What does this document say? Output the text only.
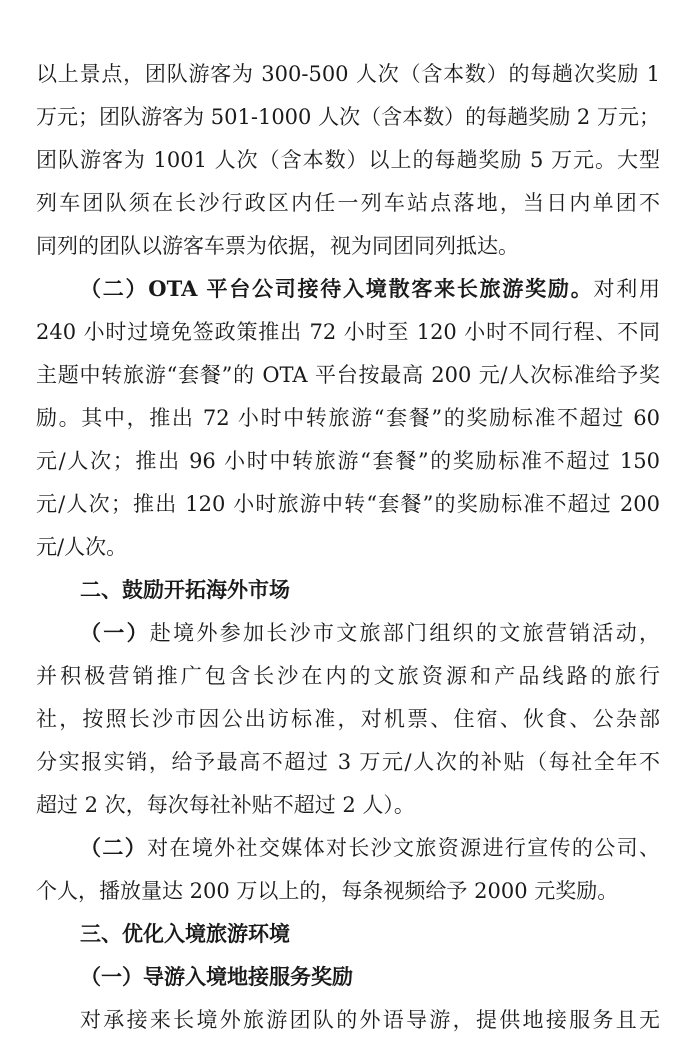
以上景点，团队游客为 300-500 人次（含本数）的每趟次奖励 1
万元；团队游客为 501-1000 人次（含本数）的每趟奖励 2 万元；
团队游客为 1001 人次（含本数）以上的每趟奖励 5 万元。大型
列车团队须在长沙行政区内任一列车站点落地，当日内单团不
同列的团队以游客车票为依据，视为同团同列抵达。
（二）OTA 平台公司接待入境散客来长旅游奖励。对利用
240 小时过境免签政策推出 72 小时至 120 小时不同行程、不同
主题中转旅游“套餐”的 OTA 平台按最高 200 元/人次标准给予奖
励。其中，推出 72 小时中转旅游“套餐”的奖励标准不超过 60
元/人次；推出 96 小时中转旅游“套餐”的奖励标准不超过 150
元/人次；推出 120 小时旅游中转“套餐”的奖励标准不超过 200
元/人次。
二、鼓励开拓海外市场
（一）赴境外参加长沙市文旅部门组织的文旅营销活动，
并积极营销推广包含长沙在内的文旅资源和产品线路的旅行
社，按照长沙市因公出访标准，对机票、住宿、伙食、公杂部
分实报实销，给予最高不超过 3 万元/人次的补贴（每社全年不
超过 2 次，每次每社补贴不超过 2 人）。
（二）对在境外社交媒体对长沙文旅资源进行宣传的公司、
个人，播放量达 200 万以上的，每条视频给予 2000 元奖励。
三、优化入境旅游环境
（一）导游入境地接服务奖励
对承接来长境外旅游团队的外语导游，提供地接服务且无
